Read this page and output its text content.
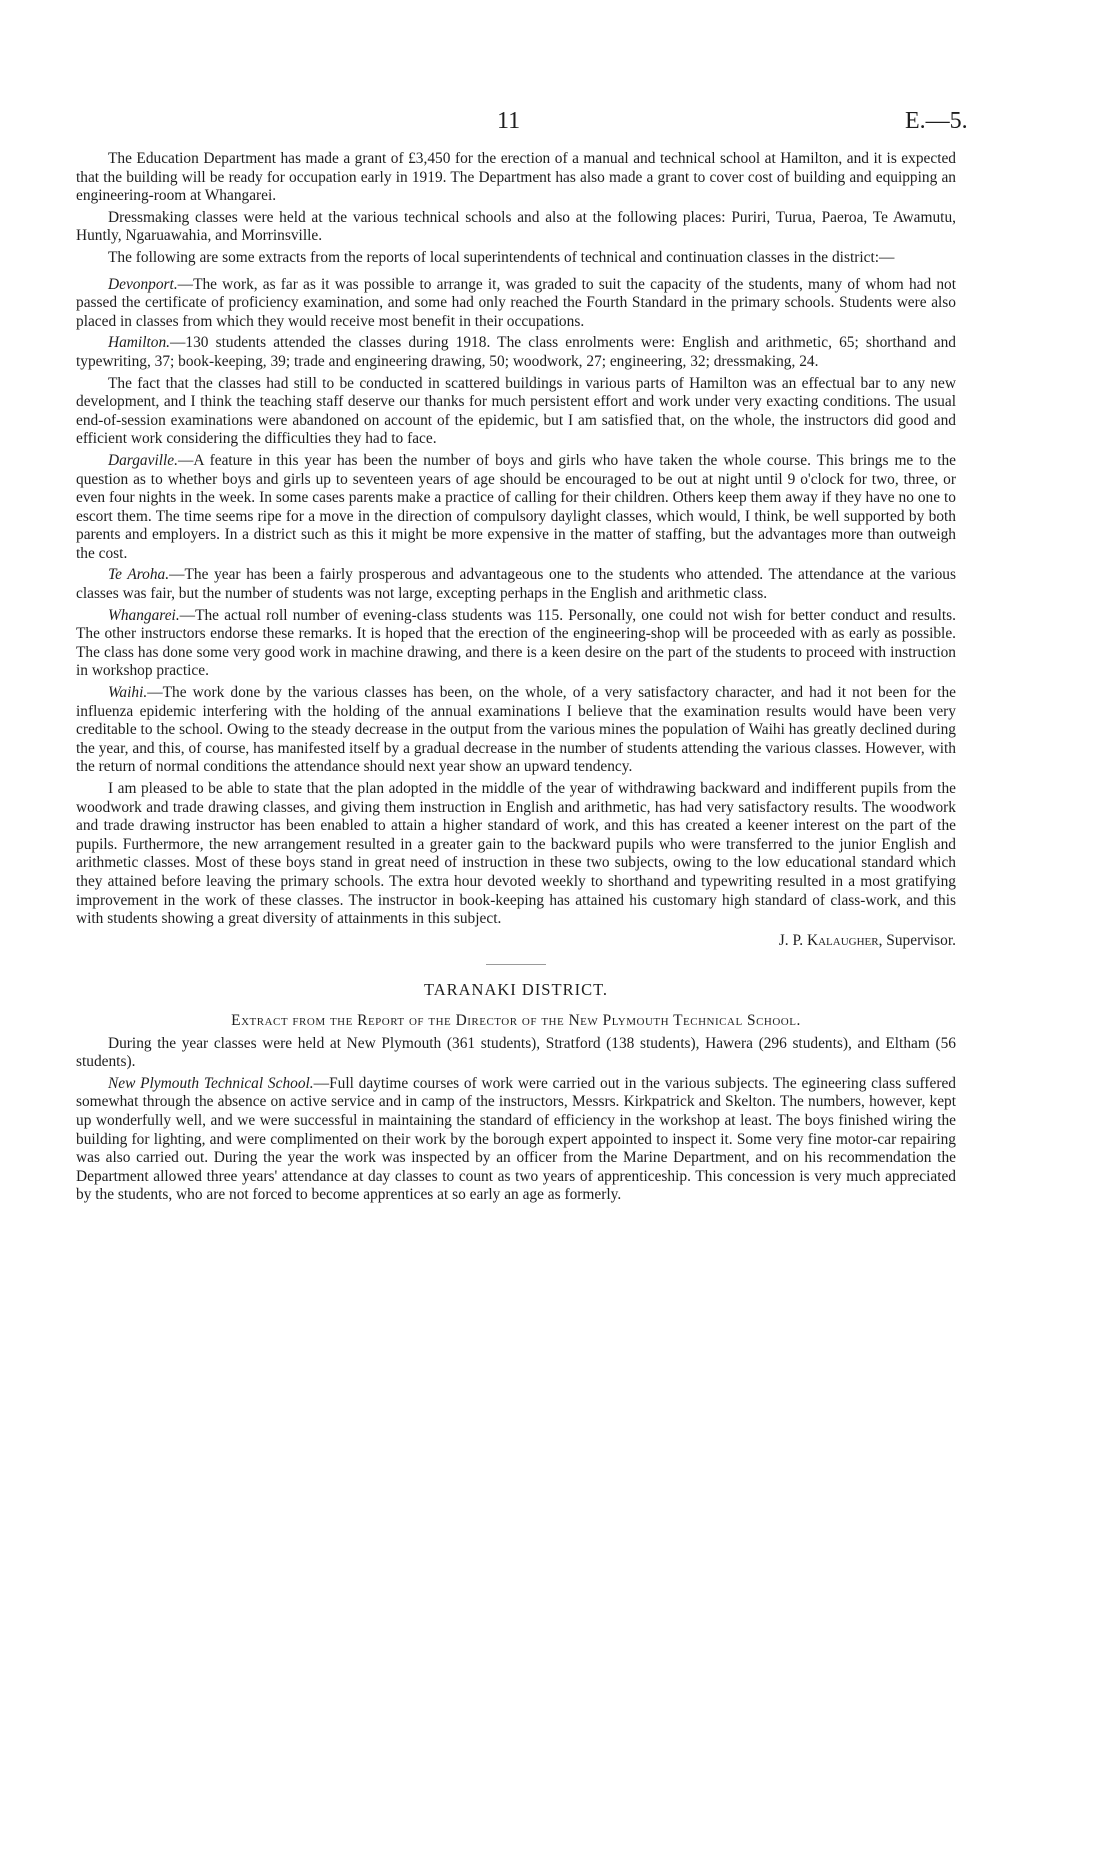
11	E.—5.

The Education Department has made a grant of £3,450 for the erection of a manual and technical school at Hamilton, and it is expected that the building will be ready for occupation early in 1919. The Department has also made a grant to cover cost of building and equipping an engineering-room at Whangarei.

Dressmaking classes were held at the various technical schools and also at the following places: Puriri, Turua, Paeroa, Te Awamutu, Huntly, Ngaruawahia, and Morrinsville.

The following are some extracts from the reports of local superintendents of technical and continuation classes in the district:—

Devonport.—The work, as far as it was possible to arrange it, was graded to suit the capacity of the students, many of whom had not passed the certificate of proficiency examination, and some had only reached the Fourth Standard in the primary schools. Students were also placed in classes from which they would receive most benefit in their occupations.

Hamilton.—130 students attended the classes during 1918. The class enrolments were: English and arithmetic, 65; shorthand and typewriting, 37; book-keeping, 39; trade and engineering drawing, 50; woodwork, 27; engineering, 32; dressmaking, 24.

The fact that the classes had still to be conducted in scattered buildings in various parts of Hamilton was an effectual bar to any new development, and I think the teaching staff deserve our thanks for much persistent effort and work under very exacting conditions. The usual end-of-session examinations were abandoned on account of the epidemic, but I am satisfied that, on the whole, the instructors did good and efficient work considering the difficulties they had to face.

Dargaville.—A feature in this year has been the number of boys and girls who have taken the whole course. This brings me to the question as to whether boys and girls up to seventeen years of age should be encouraged to be out at night until 9 o'clock for two, three, or even four nights in the week. In some cases parents make a practice of calling for their children. Others keep them away if they have no one to escort them. The time seems ripe for a move in the direction of compulsory daylight classes, which would, I think, be well supported by both parents and employers. In a district such as this it might be more expensive in the matter of staffing, but the advantages more than outweigh the cost.

Te Aroha.—The year has been a fairly prosperous and advantageous one to the students who attended. The attendance at the various classes was fair, but the number of students was not large, excepting perhaps in the English and arithmetic class.

Whangarei.—The actual roll number of evening-class students was 115. Personally, one could not wish for better conduct and results. The other instructors endorse these remarks. It is hoped that the erection of the engineering-shop will be proceeded with as early as possible. The class has done some very good work in machine drawing, and there is a keen desire on the part of the students to proceed with instruction in workshop practice.

Waihi.—The work done by the various classes has been, on the whole, of a very satisfactory character, and had it not been for the influenza epidemic interfering with the holding of the annual examinations I believe that the examination results would have been very creditable to the school. Owing to the steady decrease in the output from the various mines the population of Waihi has greatly declined during the year, and this, of course, has manifested itself by a gradual decrease in the number of students attending the various classes. However, with the return of normal conditions the attendance should next year show an upward tendency.

I am pleased to be able to state that the plan adopted in the middle of the year of withdrawing backward and indifferent pupils from the woodwork and trade drawing classes, and giving them instruction in English and arithmetic, has had very satisfactory results. The woodwork and trade drawing instructor has been enabled to attain a higher standard of work, and this has created a keener interest on the part of the pupils. Furthermore, the new arrangement resulted in a greater gain to the backward pupils who were transferred to the junior English and arithmetic classes. Most of these boys stand in great need of instruction in these two subjects, owing to the low educational standard which they attained before leaving the primary schools. The extra hour devoted weekly to shorthand and typewriting resulted in a most gratifying improvement in the work of these classes. The instructor in book-keeping has attained his customary high standard of class-work, and this with students showing a great diversity of attainments in this subject.

J. P. Kalaugher, Supervisor.

TARANAKI DISTRICT.
Extract from the Report of the Director of the New Plymouth Technical School.

During the year classes were held at New Plymouth (361 students), Stratford (138 students), Hawera (296 students), and Eltham (56 students).

New Plymouth Technical School.—Full daytime courses of work were carried out in the various subjects. The egineering class suffered somewhat through the absence on active service and in camp of the instructors, Messrs. Kirkpatrick and Skelton. The numbers, however, kept up wonderfully well, and we were successful in maintaining the standard of efficiency in the workshop at least. The boys finished wiring the building for lighting, and were complimented on their work by the borough expert appointed to inspect it. Some very fine motor-car repairing was also carried out. During the year the work was inspected by an officer from the Marine Department, and on his recommendation the Department allowed three years' attendance at day classes to count as two years of apprenticeship. This concession is very much appreciated by the students, who are not forced to become apprentices at so early an age as formerly.
